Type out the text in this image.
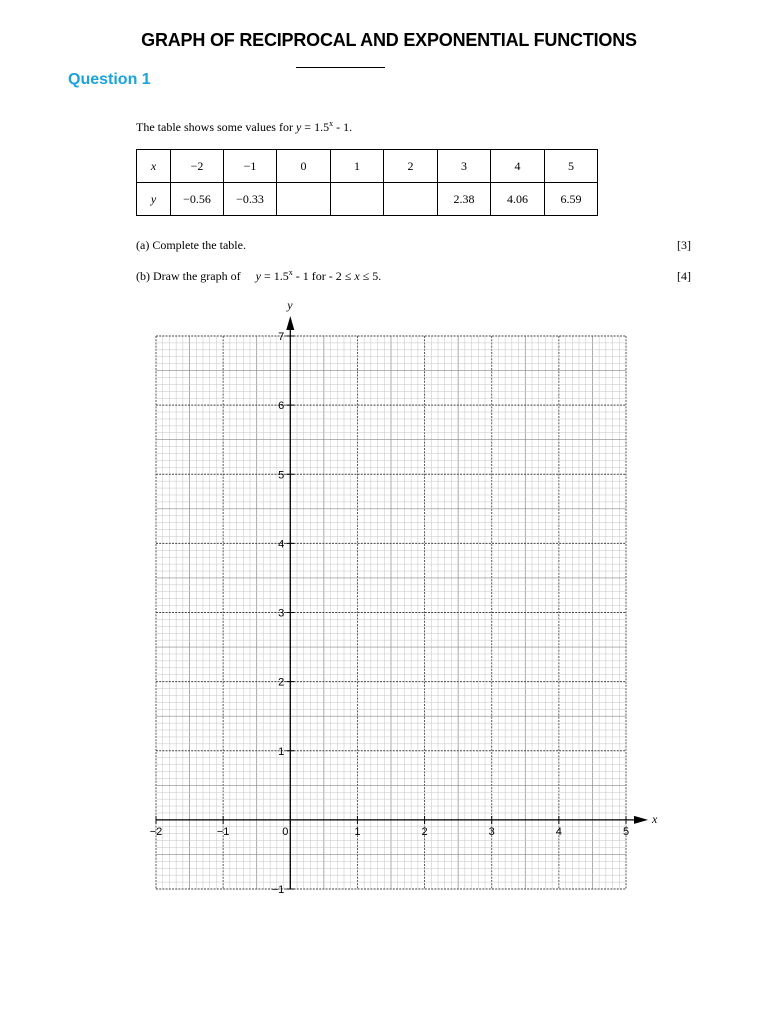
GRAPH OF RECIPROCAL AND EXPONENTIAL FUNCTIONS
Question 1
The table shows some values for $y = 1.5^x - 1$.
x	−2	−1	0	1	2	3	4	5
y	−0.56	−0.33				2.38	4.06	6.59
(a) Complete the table.	[3]
(b) Draw the graph of $y = 1.5^x - 1$ for - 2 ≤ x ≤ 5.	[4]
−2	−1	0	1	2	3	4	5
−1
1
2
3
4
5
6
7
x
y
